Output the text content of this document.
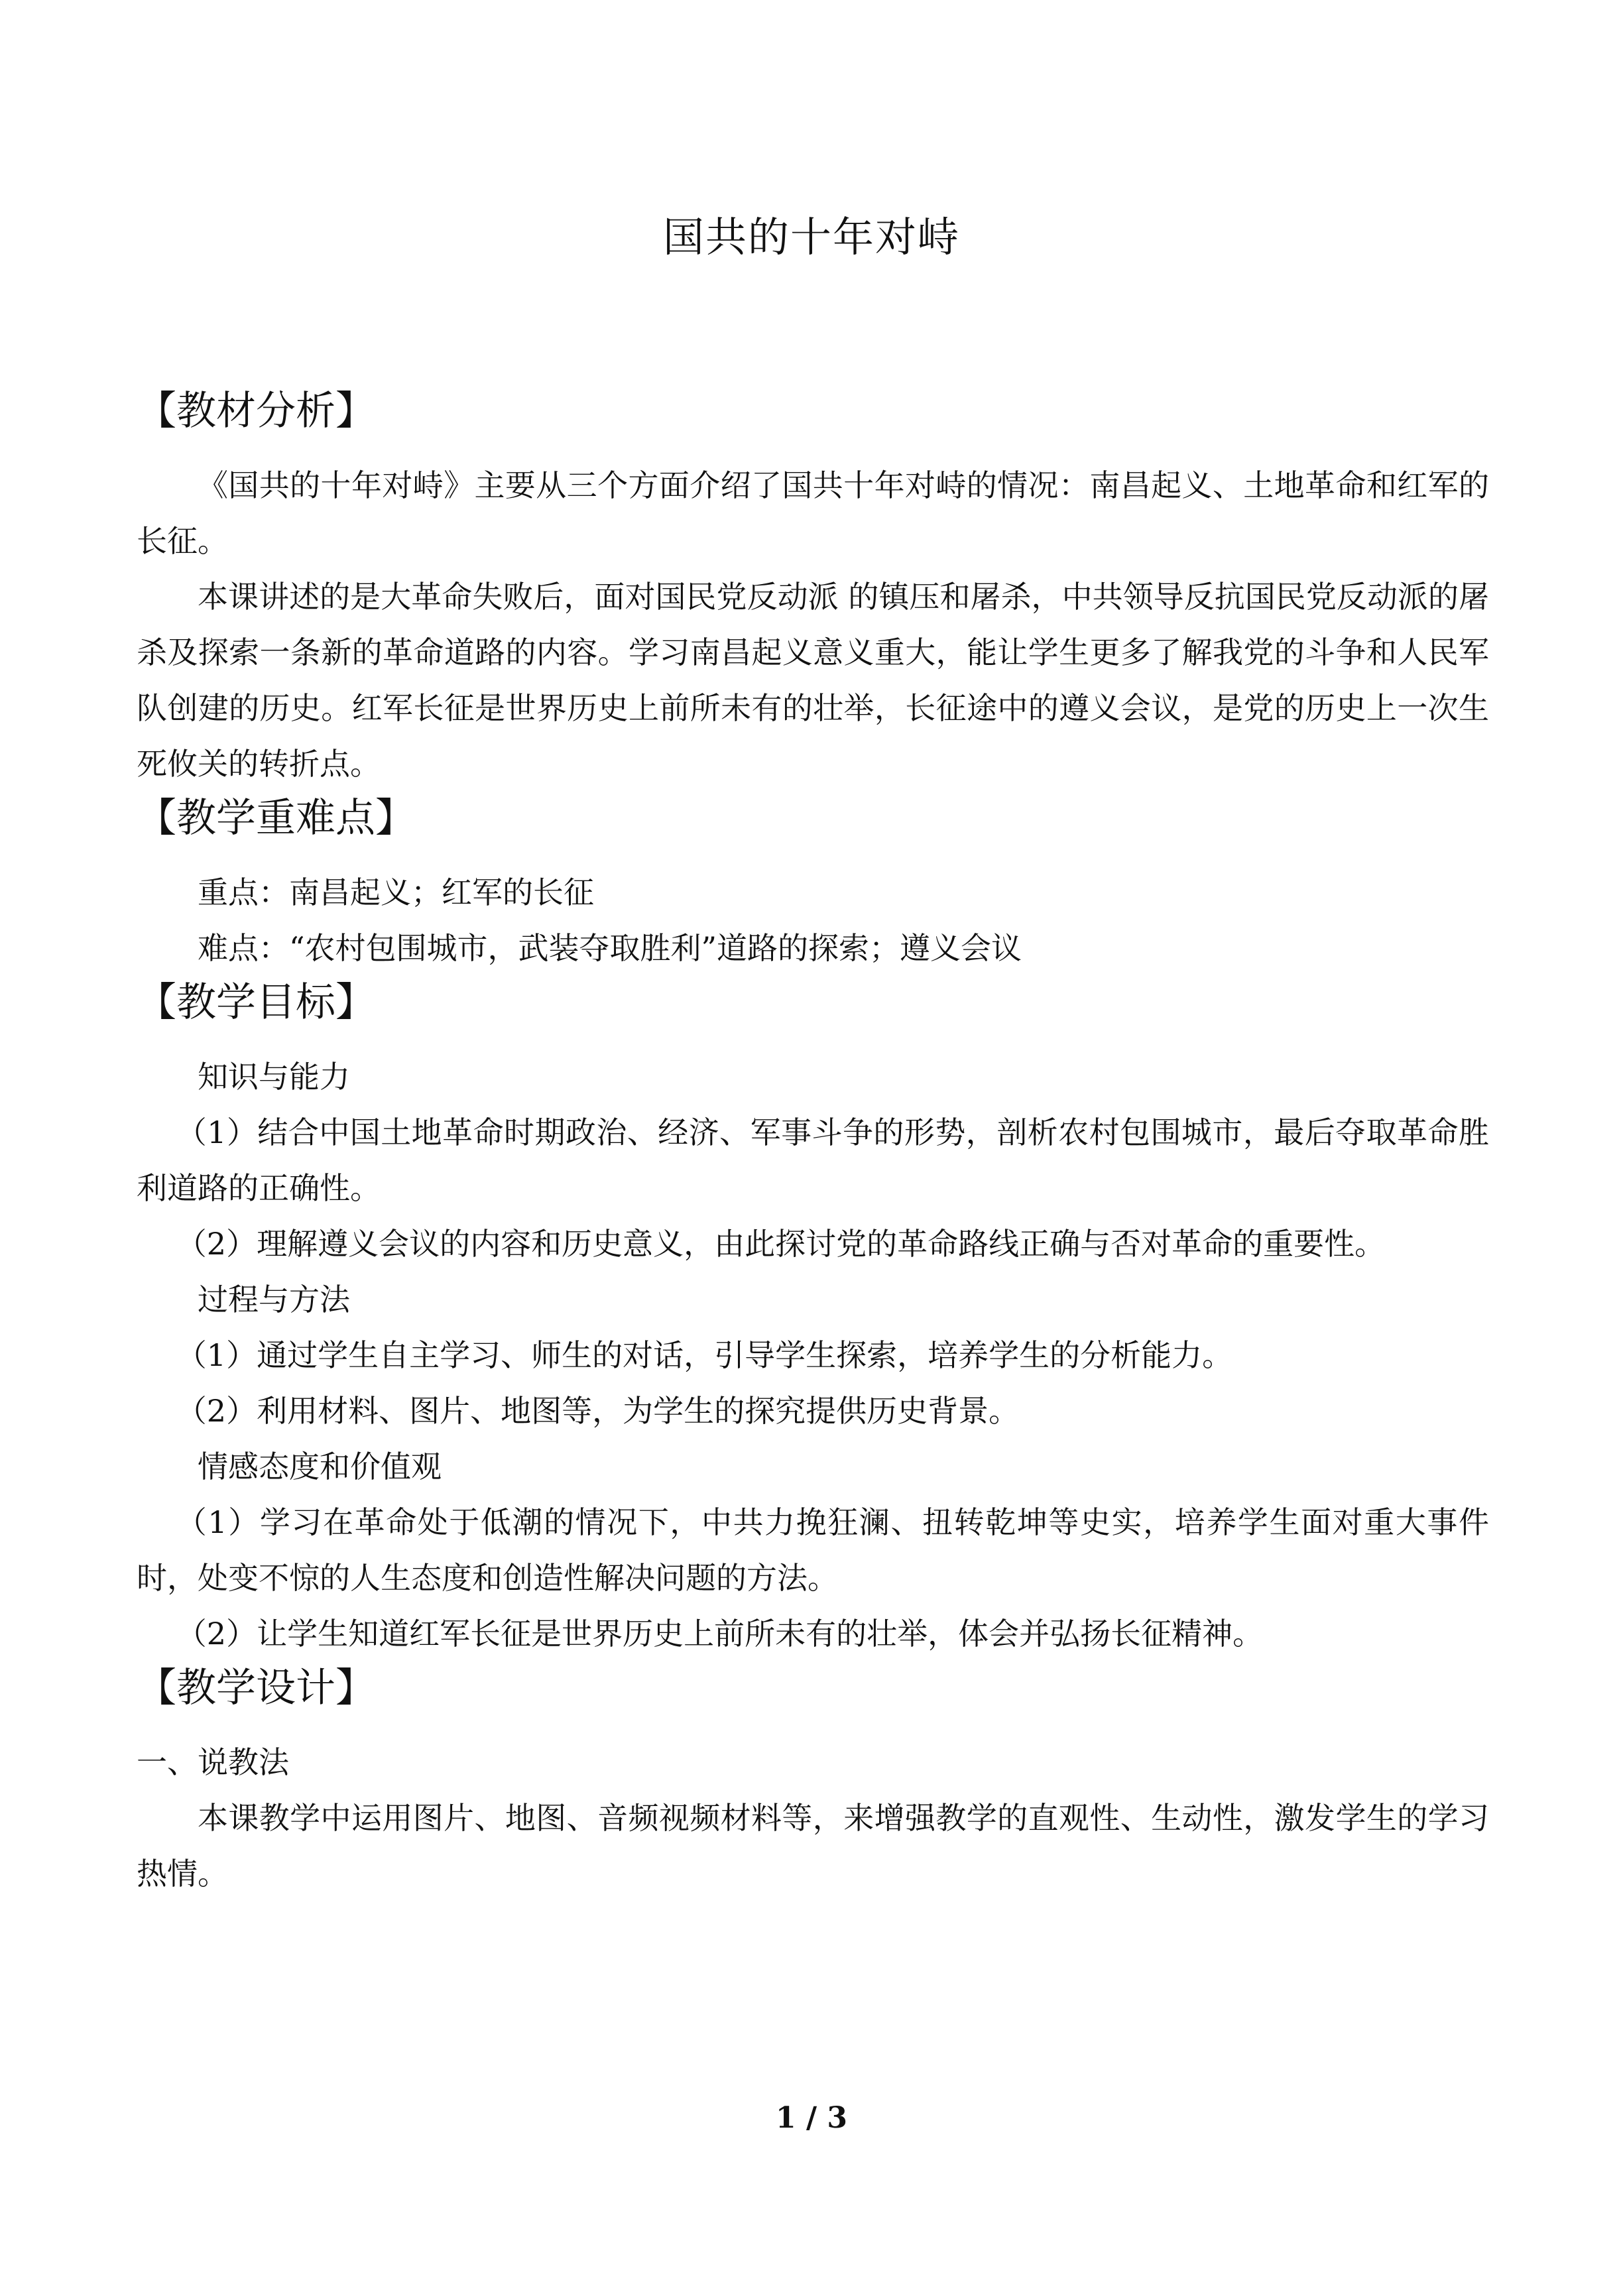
国共的十年对峙
【教材分析】

《国共的十年对峙》主要从三个方面介绍了国共十年对峙的情况：南昌起义、土地革命和红军的长征。

本课讲述的是大革命失败后，面对国民党反动派 的镇压和屠杀，中共领导反抗国民党反动派的屠杀及探索一条新的革命道路的内容。学习南昌起义意义重大，能让学生更多了解我党的斗争和人民军队创建的历史。红军长征是世界历史上前所未有的壮举，长征途中的遵义会议，是党的历史上一次生死攸关的转折点。

【教学重难点】

重点：南昌起义；红军的长征

难点：“农村包围城市，武装夺取胜利”道路的探索；遵义会议

【教学目标】

知识与能力

（1）结合中国土地革命时期政治、经济、军事斗争的形势，剖析农村包围城市，最后夺取革命胜利道路的正确性。

（2）理解遵义会议的内容和历史意义，由此探讨党的革命路线正确与否对革命的重要性。

过程与方法

（1）通过学生自主学习、师生的对话，引导学生探索，培养学生的分析能力。

（2）利用材料、图片、地图等，为学生的探究提供历史背景。

情感态度和价值观

（1）学习在革命处于低潮的情况下，中共力挽狂澜、扭转乾坤等史实，培养学生面对重大事件时，处变不惊的人生态度和创造性解决问题的方法。

（2）让学生知道红军长征是世界历史上前所未有的壮举，体会并弘扬长征精神。

【教学设计】

一、说教法

本课教学中运用图片、地图、音频视频材料等，来增强教学的直观性、生动性，激发学生的学习热情。

1 / 3
